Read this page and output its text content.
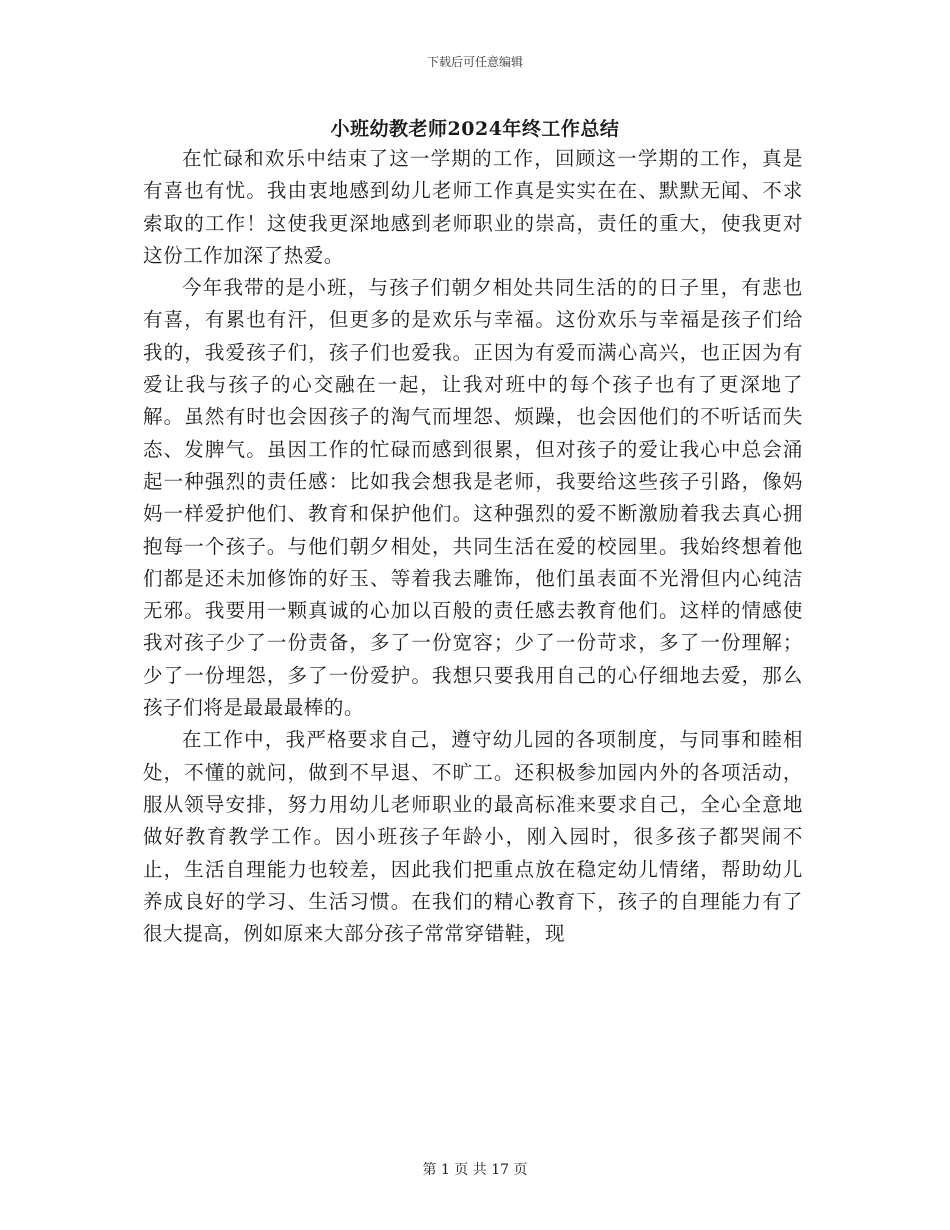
下载后可任意编辑
小班幼教老师2024年终工作总结

在忙碌和欢乐中结束了这一学期的工作，回顾这一学期的工作，真是有喜也有忧。我由衷地感到幼儿老师工作真是实实在在、默默无闻、不求索取的工作！这使我更深地感到老师职业的崇高，责任的重大，使我更对这份工作加深了热爱。

今年我带的是小班，与孩子们朝夕相处共同生活的的日子里，有悲也有喜，有累也有汗，但更多的是欢乐与幸福。这份欢乐与幸福是孩子们给我的，我爱孩子们，孩子们也爱我。正因为有爱而满心高兴，也正因为有爱让我与孩子的心交融在一起，让我对班中的每个孩子也有了更深地了解。虽然有时也会因孩子的淘气而埋怨、烦躁，也会因他们的不听话而失态、发脾气。虽因工作的忙碌而感到很累，但对孩子的爱让我心中总会涌起一种强烈的责任感：比如我会想我是老师，我要给这些孩子引路，像妈妈一样爱护他们、教育和保护他们。这种强烈的爱不断激励着我去真心拥抱每一个孩子。与他们朝夕相处，共同生活在爱的校园里。我始终想着他们都是还未加修饰的好玉、等着我去雕饰，他们虽表面不光滑但内心纯洁无邪。我要用一颗真诚的心加以百般的责任感去教育他们。这样的情感使我对孩子少了一份责备，多了一份宽容；少了一份苛求，多了一份理解；少了一份埋怨，多了一份爱护。我想只要我用自己的心仔细地去爱，那么孩子们将是最最最棒的。

在工作中，我严格要求自己，遵守幼儿园的各项制度，与同事和睦相处，不懂的就问，做到不早退、不旷工。还积极参加园内外的各项活动，服从领导安排，努力用幼儿老师职业的最高标准来要求自己，全心全意地做好教育教学工作。因小班孩子年龄小，刚入园时，很多孩子都哭闹不止，生活自理能力也较差，因此我们把重点放在稳定幼儿情绪，帮助幼儿养成良好的学习、生活习惯。在我们的精心教育下，孩子的自理能力有了很大提高，例如原来大部分孩子常常穿错鞋，现

第 1 页 共 17 页
